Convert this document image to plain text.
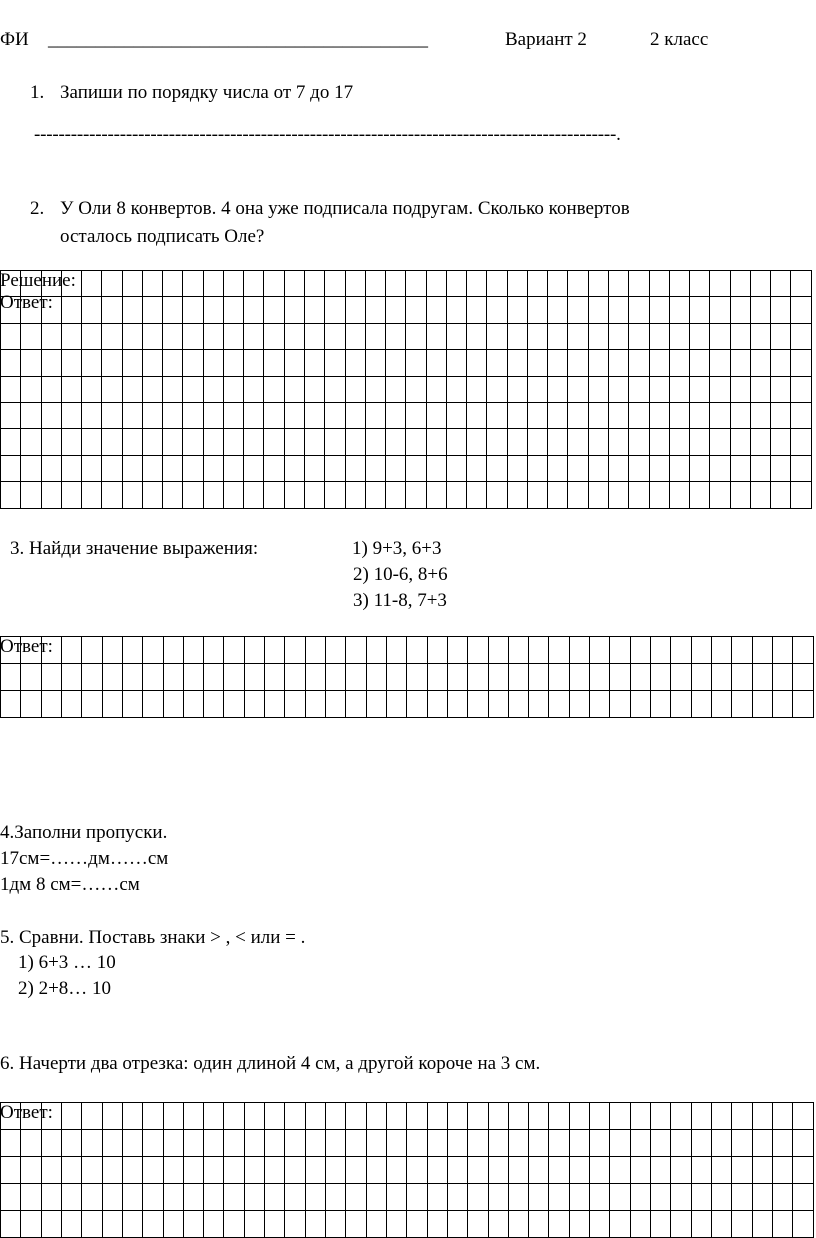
ФИ ________________________________________	Вариант 2	2 класс
1. Запиши по порядку числа от 7 до 17
-----------------------------------------------------------------------------------------------.
2. У Оли 8 конвертов. 4 она уже подписала подругам. Сколько конвертов
осталось подписать Оле?

Решение:
Ответ:
3. Найди значение выражения:	1) 9+3, 6+3
2) 10-6, 8+6
3) 11-8, 7+3

Ответ:
4.Заполни пропуски.
17см=……дм……см
1дм 8 см=……см
5. Сравни. Поставь знаки > , < или = .
1) 6+3 … 10
2) 2+8… 10
6. Начерти два отрезка: один длиной 4 см, а другой короче на 3 см.

Ответ:
